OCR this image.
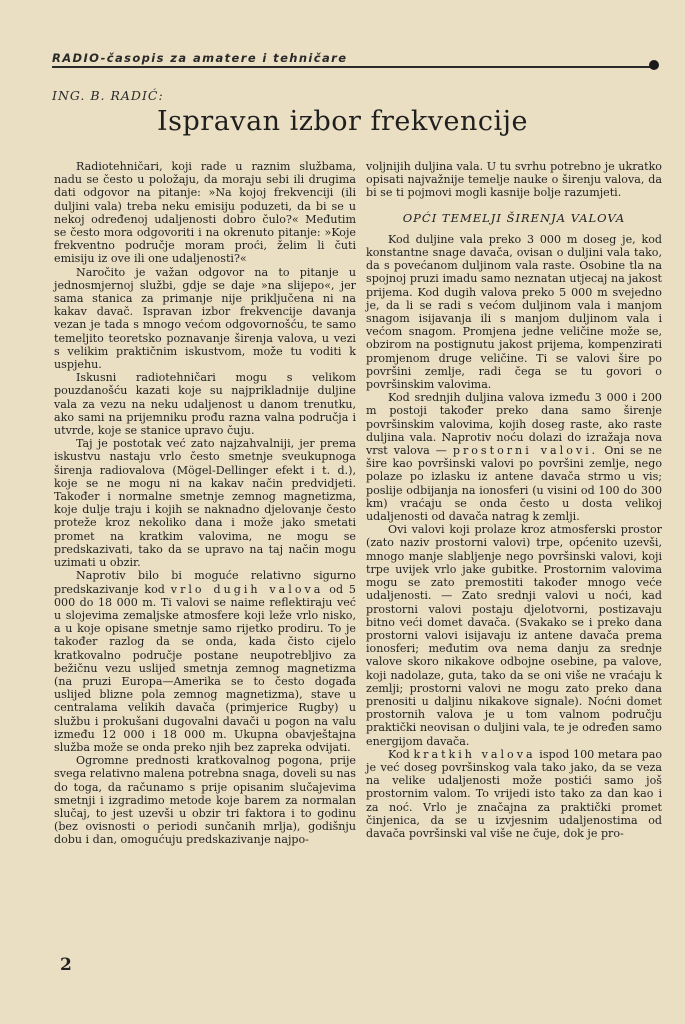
RADIO-časopis za amatere i tehničare
ING. B. RADIĆ:
Ispravan izbor frekvencije

Radiotehničari, koji rade u raznim službama, nadu se često u položaju, da moraju sebi ili drugima dati odgovor na pitanje: »Na kojoj frekvenciji (ili duljini vala) treba neku emisiju poduzeti, da bi se u nekoj određenoj udaljenosti dobro čulo?« Međutim se često mora odgovoriti i na okrenuto pitanje: »Koje frekventno područje moram proći, želim li čuti emisiju iz ove ili one udaljenosti?«

Naročito je važan odgovor na to pitanje u jednosmjernoj službi, gdje se daje »na slijepo«, jer sama stanica za primanje nije priključena ni na kakav davač. Ispravan izbor frekvencije davanja vezan je tada s mnogo većom odgovornošću, te samo temeljito teoretsko poznavanje širenja valova, u vezi s velikim praktičnim iskustvom, može tu voditi k uspjehu.

Iskusni radiotehničari mogu s velikom pouzdanošću kazati koje su najprikladnije duljine vala za vezu na neku udaljenost u danom trenutku, ako sami na prijemniku prođu razna valna područja i utvrde, koje se stanice upravo čuju.

Taj je postotak već zato najzahvalniji, jer prema iskustvu nastaju vrlo često smetnje sveukupnoga širenja radiovalova (Mögel-Dellinger efekt i t. d.), koje se ne mogu ni na kakav način predvidjeti. Također i normalne smetnje zemnog magnetizma, koje dulje traju i kojih se naknadno djelovanje često proteže kroz nekoliko dana i može jako smetati promet na kratkim valovima, ne mogu se predskazivati, tako da se upravo na taj način mogu uzimati u obzir.

Naprotiv bilo bi moguće relativno sigurno predskazivanje kod vrlo dugih valova od 5 000 do 18 000 m. Ti valovi se naime reflektiraju već u slojevima zemaljske atmosfere koji leže vrlo nisko, a u koje opisane smetnje samo rijetko prodiru. To je također razlog da se onda, kada čisto cijelo kratkovalno područje postane neupotrebljivo za bežičnu vezu uslijed smetnja zemnog magnetizma (na pruzi Europa—Amerika se to često događa uslijed blizne pola zemnog magnetizma), stave u centralama velikih davača (primjerice Rugby) u službu i prokušani dugovalni davači u pogon na valu između 12 000 i 18 000 m. Ukupna obavještajna služba može se onda preko njih bez zapreka odvijati.

Ogromne prednosti kratkovalnog pogona, prije svega relativno malena potrebna snaga, doveli su nas do toga, da računamo s prije opisanim slučajevima smetnji i izgradimo metode koje barem za normalan slučaj, to jest uzevši u obzir tri faktora i to godinu (bez ovisnosti o periodi sunčanih mrlja), godišnju dobu i dan, omogućuju predskazivanje najpo-

voljnijih duljina vala. U tu svrhu potrebno je ukratko opisati najvažnije temelje nauke o širenju valova, da bi se ti pojmovi mogli kasnije bolje razumjeti.

OPĆI TEMELJI ŠIRENJA VALOVA

Kod duljine vala preko 3 000 m doseg je, kod konstantne snage davača, ovisan o duljini vala tako, da s povećanom duljinom vala raste. Osobine tla na spojnoj pruzi imadu samo neznatan utjecaj na jakost prijema. Kod dugih valova preko 5 000 m svejedno je, da li se radi s većom duljinom vala i manjom snagom isijavanja ili s manjom duljinom vala i većom snagom. Promjena jedne veličine može se, obzirom na postignutu jakost prijema, kompenzirati promjenom druge veličine. Ti se valovi šire po površini zemlje, radi čega se tu govori o površinskim valovima.

Kod srednjih duljina valova između 3 000 i 200 m postoji također preko dana samo širenje površinskim valovima, kojih doseg raste, ako raste duljina vala. Naprotiv noću dolazi do izražaja nova vrst valova — prostorni valovi. Oni se ne šire kao površinski valovi po površini zemlje, nego polaze po izlasku iz antene davača strmo u vis; poslije odbijanja na ionosferi (u visini od 100 do 300 km) vraćaju se onda često u dosta velikoj udaljenosti od davača natrag k zemlji.

Ovi valovi koji prolaze kroz atmosferski prostor (zato naziv prostorni valovi) trpe, općenito uzevši, mnogo manje slabljenje nego površinski valovi, koji trpe uvijek vrlo jake gubitke. Prostornim valovima mogu se zato premostiti također mnogo veće udaljenosti. — Zato srednji valovi u noći, kad prostorni valovi postaju djelotvorni, postizavaju bitno veći domet davača. (Svakako se i preko dana prostorni valovi isijavaju iz antene davača prema ionosferi; međutim ova nema danju za srednje valove skoro nikakove odbojne osebine, pa valove, koji nadolaze, guta, tako da se oni više ne vraćaju k zemlji; prostorni valovi ne mogu zato preko dana prenositi u daljinu nikakove signale). Noćni domet prostornih valova je u tom valnom području praktički neovisan o duljini vala, te je određen samo energijom davača.

Kod kratkih valova ispod 100 metara pao je već doseg površinskog vala tako jako, da se veza na velike udaljenosti može postići samo još prostornim valom. To vrijedi isto tako za dan kao i za noć. Vrlo je značajna za praktički promet činjenica, da se u izvjesnim udaljenostima od davača površinski val više ne čuje, dok je pro-

2
